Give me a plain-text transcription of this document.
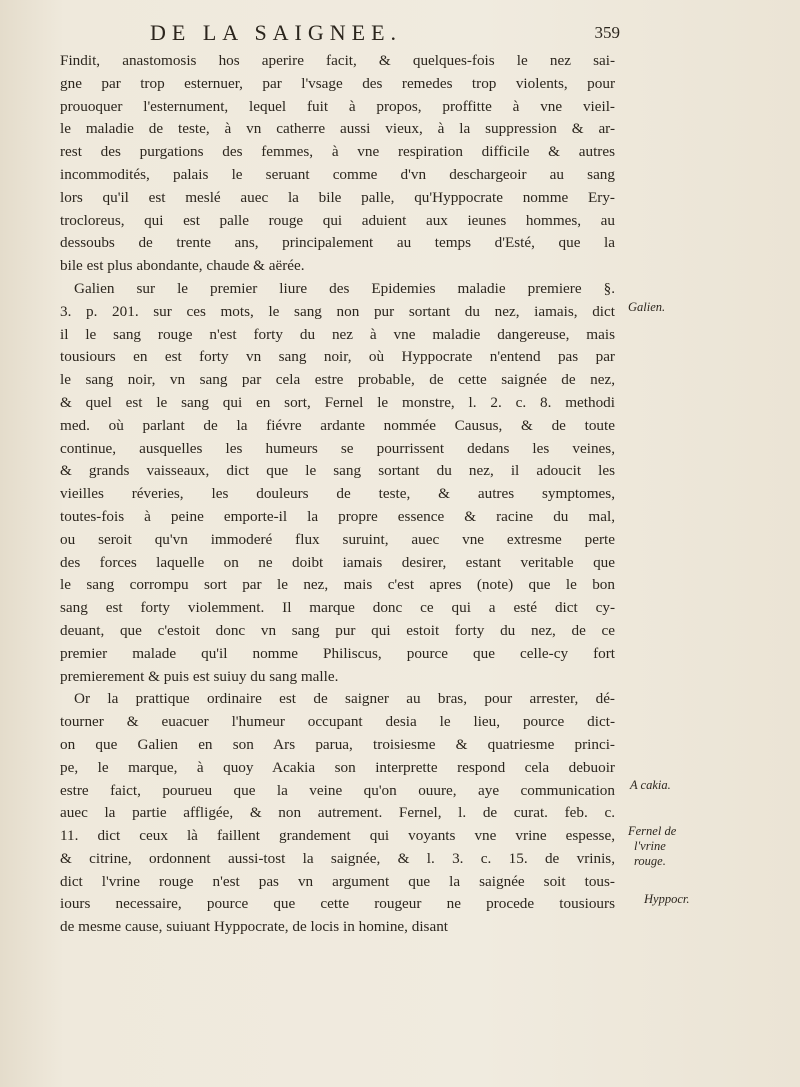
DE LA SAIGNEE.	359
Findit, anastomosis hos aperire facit, & quelques-fois le nez sai-
gne par trop esternuer, par l'vsage des remedes trop violents, pour
prouoquer l'esternument, lequel fuit à propos, proffitte à vne vieil-
le maladie de teste, à vn catherre aussi vieux, à la suppression & ar-
rest des purgations des femmes, à vne respiration difficile & autres
incommodités, palais le seruant comme d'vn deschargeoir au sang
lors qu'il est meslé auec la bile palle, qu'Hyppocrate nomme Ery-
trocloreus, qui est palle rouge qui aduient aux ieunes hommes, au
dessoubs de trente ans, principalement au temps d'Esté, que la
bile est plus abondante, chaude & aërée.
Galien sur le premier liure des Epidemies maladie premiere §.
3. p. 201. sur ces mots, le sang non pur sortant du nez, iamais, dict
il le sang rouge n'est forty du nez à vne maladie dangereuse, mais
tousiours en est forty vn sang noir, où Hyppocrate n'entend pas par
le sang noir, vn sang par cela estre probable, de cette saignée de nez,
& quel est le sang qui en sort, Fernel le monstre, l. 2. c. 8. methodi
med. où parlant de la fiévre ardante nommée Causus, & de toute
continue, ausquelles les humeurs se pourrissent dedans les veines,
& grands vaisseaux, dict que le sang sortant du nez, il adoucit les
vieilles réveries, les douleurs de teste, & autres symptomes,
toutes-fois à peine emporte-il la propre essence & racine du mal,
ou seroit qu'vn immoderé flux suruint, auec vne extresme perte
des forces laquelle on ne doibt iamais desirer, estant veritable que
le sang corrompu sort par le nez, mais c'est apres (note) que le bon
sang est forty violemment. Il marque donc ce qui a esté dict cy-
deuant, que c'estoit donc vn sang pur qui estoit forty du nez, de ce
premier malade qu'il nomme Philiscus, pource que celle-cy fort
premierement & puis est suiuy du sang malle.
Or la prattique ordinaire est de saigner au bras, pour arrester, dé-
tourner & euacuer l'humeur occupant desia le lieu, pource dict-
on que Galien en son Ars parua, troisiesme & quatriesme princi-
pe, le marque, à quoy Acakia son interprette respond cela debuoir
estre faict, pourueu que la veine qu'on ouure, aye communication
auec la partie affligée, & non autrement. Fernel, l. de curat. feb. c.
11. dict ceux là faillent grandement qui voyants vne vrine espesse,
& citrine, ordonnent aussi-tost la saignée, & l. 3. c. 15. de vrinis,
dict l'vrine rouge n'est pas vn argument que la saignée soit tous-
iours necessaire, pource que cette rougeur ne procede tousiours
de mesme cause, suiuant Hyppocrate, de locis in homine, disant
Galien.
A cakia.
Fernel de
l'vrine
rouge.
Hyppocr.
